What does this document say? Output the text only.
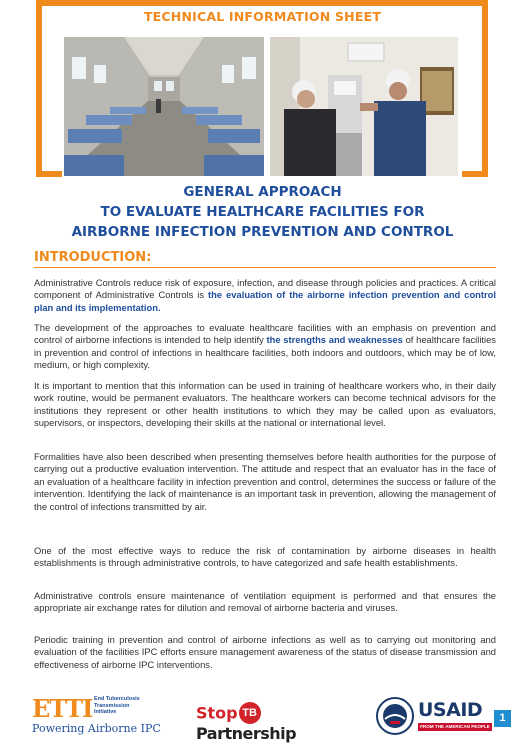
TECHNICAL INFORMATION SHEET
GENERAL APPROACH
TO EVALUATE HEALTHCARE FACILITIES FOR
AIRBORNE INFECTION PREVENTION AND CONTROL
INTRODUCTION:
Administrative Controls reduce risk of exposure, infection, and disease through policies and practices. A critical component of Administrative Controls is the evaluation of the airborne infection prevention and control plan and its implementation.
The development of the approaches to evaluate healthcare facilities with an emphasis on prevention and control of airborne infections is intended to help identify the strengths and weaknesses of healthcare facilities in prevention and control of infections in healthcare facilities, both indoors and outdoors, which may be of low, medium, or high complexity.
It is important to mention that this information can be used in training of healthcare workers who, in their daily work routine, would be permanent evaluators. The healthcare workers can become technical advisors for the institutions they represent or other health institutions to which they may be called upon as evaluators, supervisors, or inspectors, developing their skills at the national or international level.
Formalities have also been described when presenting themselves before health authorities for the purpose of carrying out a productive evaluation intervention. The attitude and respect that an evaluator has in the face of an evaluation of a healthcare facility in infection prevention and control, determines the success or failure of the intervention. Identifying the lack of maintenance is an important task in prevention, allowing the management of the control of infections transmitted by air.
One of the most effective ways to reduce the risk of contamination by airborne diseases in health establishments is through administrative controls, to have categorized and safe health establishments.
Administrative controls ensure maintenance of ventilation equipment is performed and that ensures the appropriate air exchange rates for dilution and removal of airborne bacteria and viruses.
Periodic training in prevention and control of airborne infections as well as to carrying out monitoring and evaluation of the facilities IPC efforts ensure management awareness of the status of disease transmission and effectiveness of airborne IPC interventions.
ETTI End Tuberculosis
Transmission
Initiative
Powering Airborne IPC
Stop TBPartnership
USAID
FROM THE AMERICAN PEOPLE
1
